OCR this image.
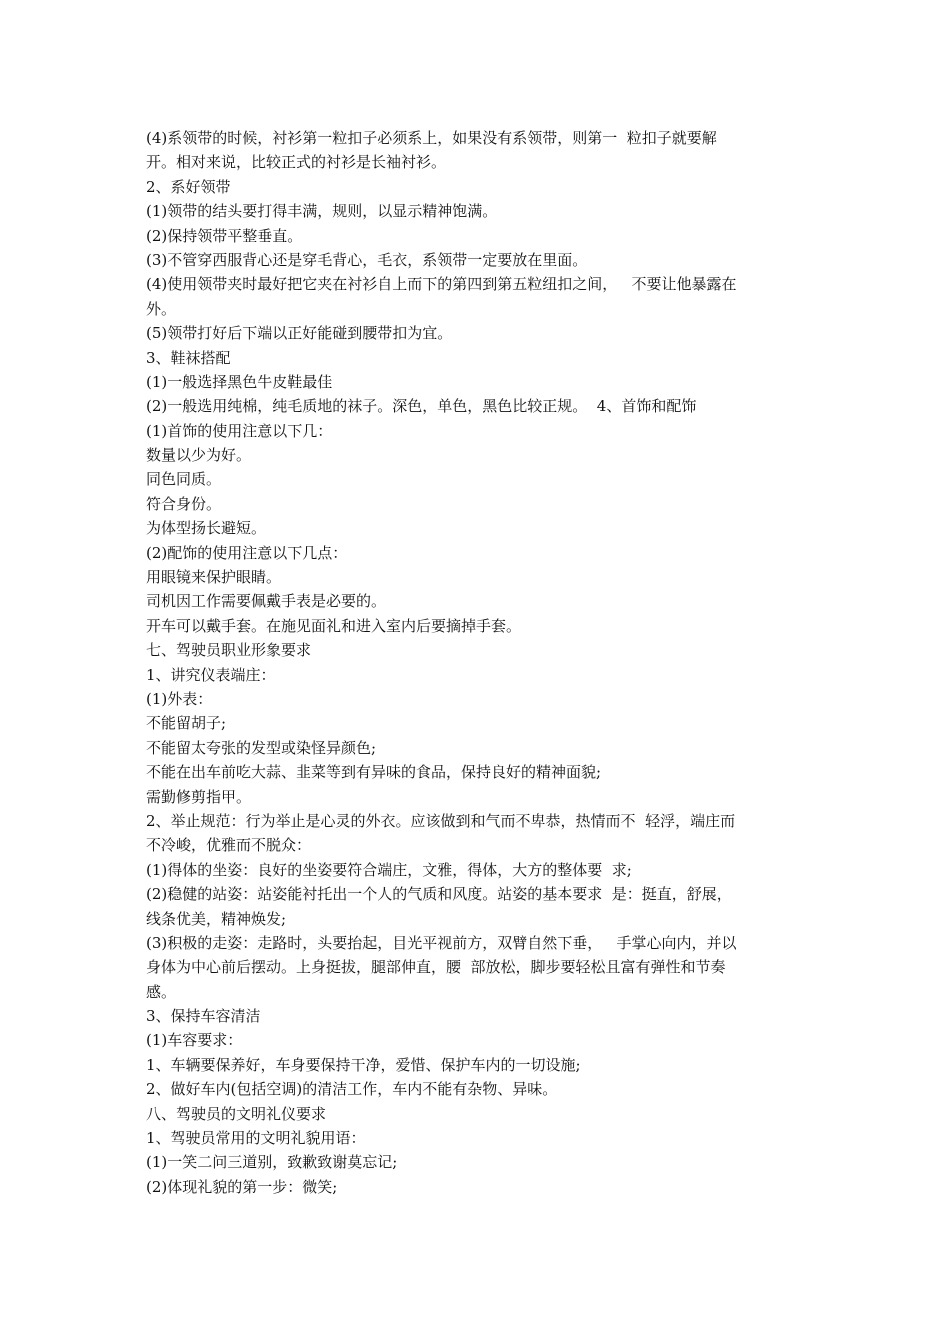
(4)系领带的时候，衬衫第一粒扣子必须系上，如果没有系领带，则第一  粒扣子就要解
开。相对来说，比较正式的衬衫是长袖衬衫。
2、系好领带
(1)领带的结头要打得丰满，规则，以显示精神饱满。
(2)保持领带平整垂直。
(3)不管穿西服背心还是穿毛背心，毛衣，系领带一定要放在里面。
(4)使用领带夹时最好把它夹在衬衫自上而下的第四到第五粒纽扣之间，   不要让他暴露在
外。
(5)领带打好后下端以正好能碰到腰带扣为宜。
3、鞋袜搭配
(1)一般选择黑色牛皮鞋最佳
(2)一般选用纯棉，纯毛质地的袜子。深色，单色，黑色比较正规。  4、首饰和配饰
(1)首饰的使用注意以下几：
数量以少为好。
同色同质。
符合身份。
为体型扬长避短。
(2)配饰的使用注意以下几点：
用眼镜来保护眼睛。
司机因工作需要佩戴手表是必要的。
开车可以戴手套。在施见面礼和进入室内后要摘掉手套。
七、驾驶员职业形象要求
1、讲究仪表端庄：
(1)外表：
不能留胡子;
不能留太夸张的发型或染怪异颜色;
不能在出车前吃大蒜、韭菜等到有异味的食品，保持良好的精神面貌;
需勤修剪指甲。
2、举止规范：行为举止是心灵的外衣。应该做到和气而不卑恭，热情而不  轻浮，端庄而
不冷峻，优雅而不脱众：
(1)得体的坐姿：良好的坐姿要符合端庄，文雅，得体，大方的整体要  求;
(2)稳健的站姿：站姿能衬托出一个人的气质和风度。站姿的基本要求  是：挺直，舒展，
线条优美，精神焕发;
(3)积极的走姿：走路时，头要抬起，目光平视前方，双臂自然下垂，   手掌心向内，并以
身体为中心前后摆动。上身挺拔，腿部伸直，腰  部放松，脚步要轻松且富有弹性和节奏
感。
3、保持车容清洁
(1)车容要求：
1、车辆要保养好，车身要保持干净，爱惜、保护车内的一切设施;
2、做好车内(包括空调)的清洁工作，车内不能有杂物、异味。
八、驾驶员的文明礼仪要求
1、驾驶员常用的文明礼貌用语：
(1)一笑二问三道别，致歉致谢莫忘记;
(2)体现礼貌的第一步：微笑;
